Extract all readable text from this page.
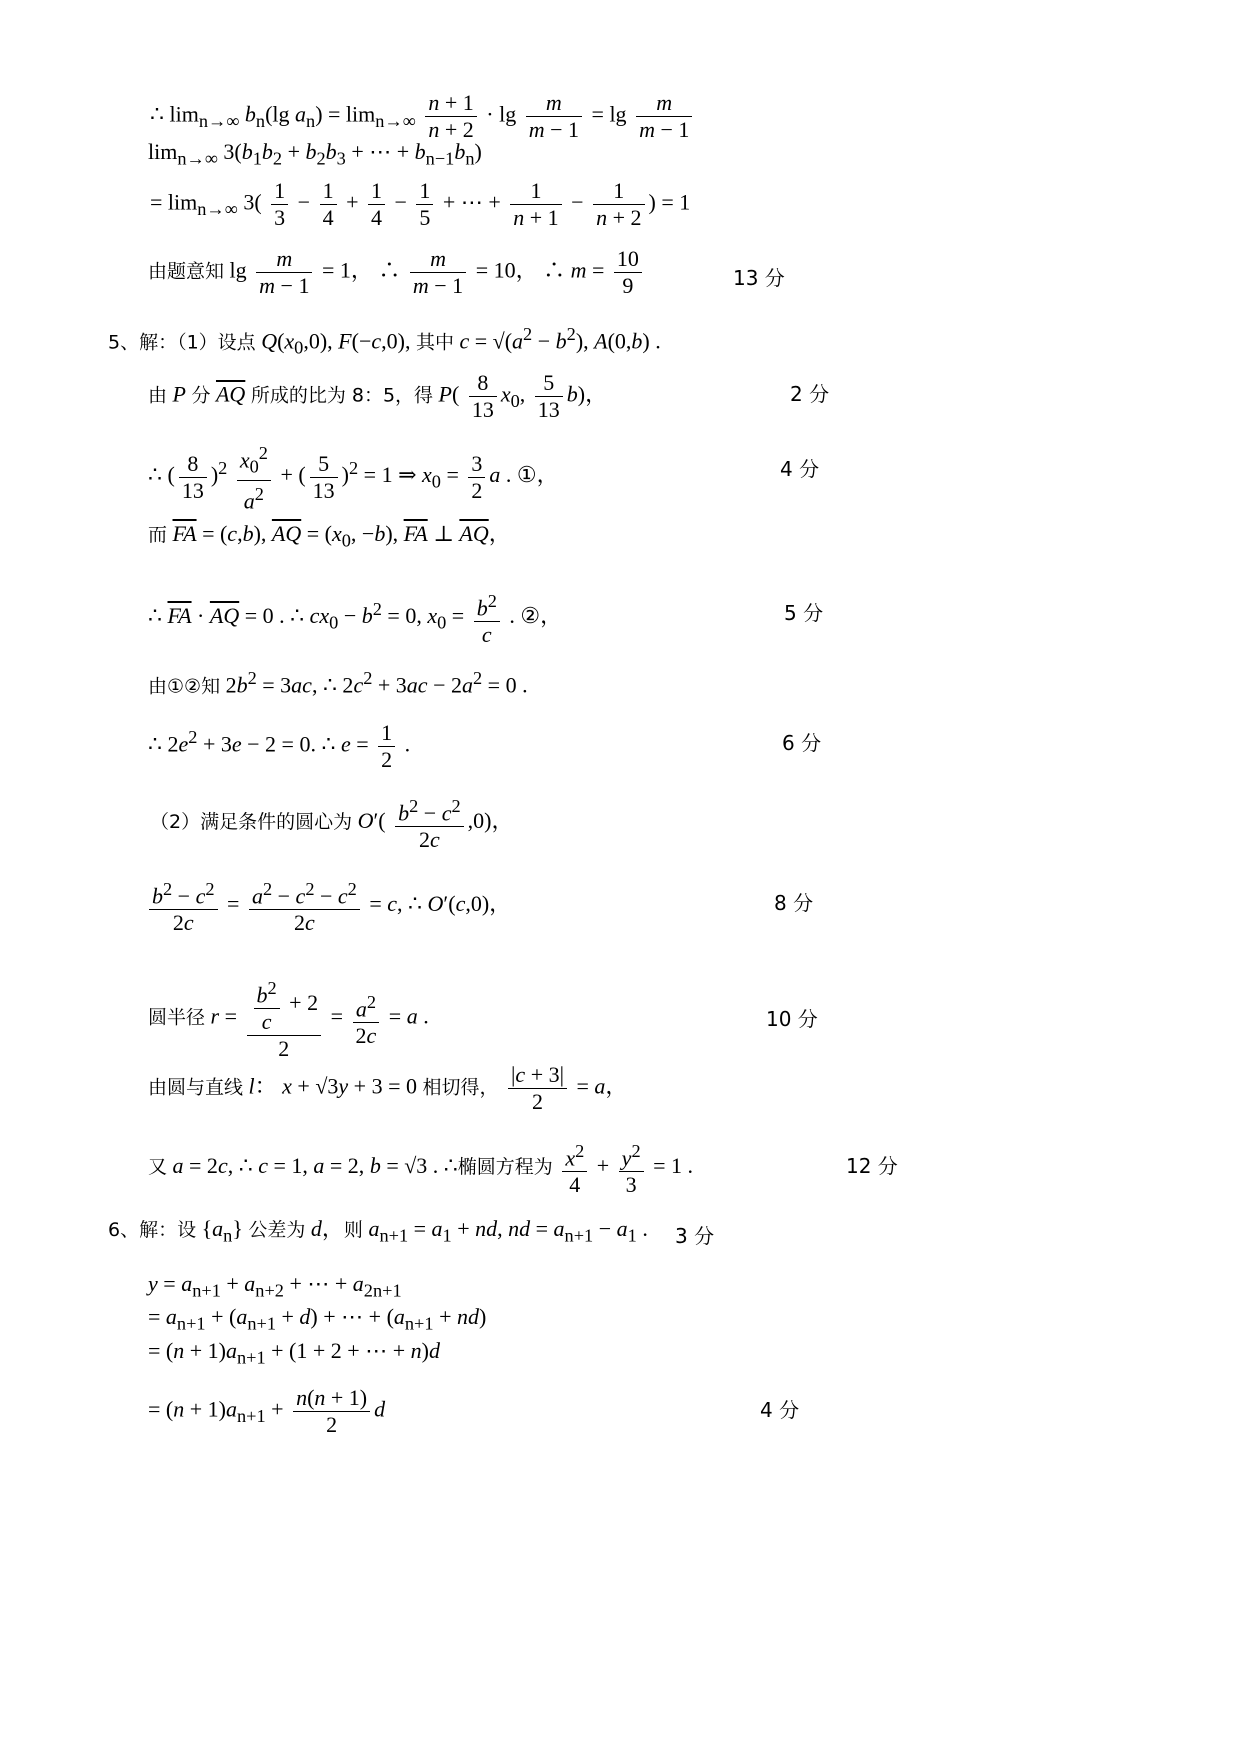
∴ $\lim_{n\to\infty} b_n(\lg$ $a_n) = \lim_{n\to\infty} \frac{n + 1}{n + 2} \cdot \lg \frac{m}{m - 1} = \lg \frac{m}{m - 1}$
$\lim_{n\to\infty} 3(b_1b_2 + b_2b_3$ + ⋯ + $b_{n-1}b_n$)
= $\lim_{n\to\infty} 3( \frac{1}{3} - \frac{1}{4} + \frac{1}{4} - \frac{1}{5}$ + ⋯ + $\frac{1}{n + 1} - \frac{1}{n + 2}$ ) = 1
由题意知 $\lg \frac{m}{m - 1} = 1$， ∴ $\frac{m}{m - 1} = 10$， ∴ $m = \frac{10}{9}$	13 分
5、解：（1）设点 $Q(x_0,0)$, F(−c,0), 其中 $c = √(a^2 - b^2)$, A(0,b) .
由 P 分 $\overline{AQ}$ 所成的比为 8：5，得 $P( \frac{8}{13} x_0$, $\frac{5}{13} b$)，	2 分
∴ ( $\frac{8}{13} )^2 \frac{x_0^2}{a^2}$ + ( $\frac{5}{13} )^2 = 1$ ⇒ $x_0 = \frac{3}{2}$ a . ①，	4 分
而 $\overline{FA} = (c,b)$, $\overline{AQ} = (x_0$, −b), $\overline{FA}$ ⊥ $\overline{AQ}$，
∴ $\overline{FA} \cdot \overline{AQ} = 0$ . ∴ $cx_0 - b^2 = 0$, $x_0 = \frac{b^2}{c}$ . ②，	5 分
由①②知 $2b^2 = 3ac$, ∴ $2c^2 + 3ac - 2a^2 = 0$ .
∴ $2e^2 + 3e - 2 = 0$. ∴ $e = \frac{1}{2}$ .	6 分
（2）满足条件的圆心为 $O'( \frac{b^2 - c^2}{2c} ,0)$，
$\frac{b^2 - c^2}{2c} = \frac{a^2 - c^2 - c^2}{2c} = c$, ∴ O′(c,0)，	8 分
圆半径 $r = \frac{\frac{b^2}{c} + 2}{2} = \frac{a^2}{2c} = a$ .	10 分
由圆与直线 l： x + √3y + 3 = 0 相切得， $\frac{|c + 3|}{2} = a$，
又 a = 2c, ∴ c = 1, a = 2, b = √3 . ∴椭圆方程为 $\frac{x^2}{4} + \frac{y^2}{3} = 1$ .	12 分
6、解：设 $\{a_n\}$ 公差为 d，则 $a_{n+1} = a_1$ + nd, nd = $a_{n+1} - a_1$ . 3 分
$y = a_{n+1} + a_{n+2}$ + ⋯ + $a_{2n+1}$
= $a_{n+1} + (a_{n+1} + d)$ + ⋯ + $(a_{n+1} + nd)$
= $(n + 1)a_{n+1} + (1 + 2$ + ⋯ + n)d
= $(n + 1)a_{n+1} + \frac{n(n + 1)}{2}$ d	4 分
